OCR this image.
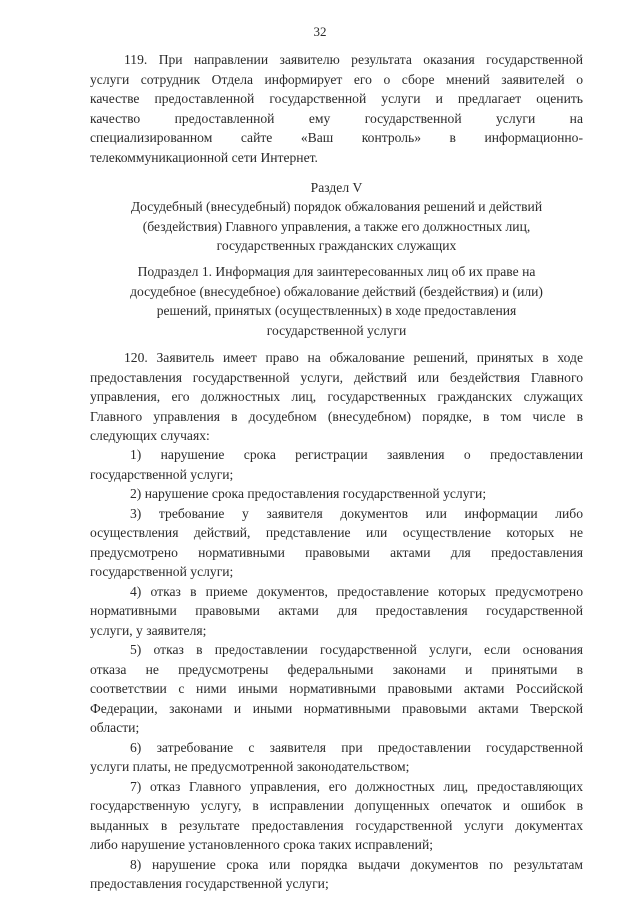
32
119. При направлении заявителю результата оказания государственной
услуги сотрудник Отдела информирует его о сборе мнений заявителей о
качестве предоставленной государственной услуги и предлагает оценить
качество предоставленной ему государственной услуги на
специализированном сайте «Ваш контроль» в информационно-
телекоммуникационной сети Интернет.
Раздел V
Досудебный (внесудебный) порядок обжалования решений и действий
(бездействия) Главного управления, а также его должностных лиц,
государственных гражданских служащих
Подраздел 1. Информация для заинтересованных лиц об их праве на
досудебное (внесудебное) обжалование действий (бездействия) и (или)
решений, принятых (осуществленных) в ходе предоставления
государственной услуги
120. Заявитель имеет право на обжалование решений, принятых в ходе
предоставления государственной услуги, действий или бездействия Главного
управления, его должностных лиц, государственных гражданских служащих
Главного управления в досудебном (внесудебном) порядке, в том числе в
следующих случаях:
1) нарушение срока регистрации заявления о предоставлении
государственной услуги;
2) нарушение срока предоставления государственной услуги;
3) требование у заявителя документов или информации либо
осуществления действий, представление или осуществление которых не
предусмотрено нормативными правовыми актами для предоставления
государственной услуги;
4) отказ в приеме документов, предоставление которых предусмотрено
нормативными правовыми актами для предоставления государственной
услуги, у заявителя;
5) отказ в предоставлении государственной услуги, если основания
отказа не предусмотрены федеральными законами и принятыми в
соответствии с ними иными нормативными правовыми актами Российской
Федерации, законами и иными нормативными правовыми актами Тверской
области;
6) затребование с заявителя при предоставлении государственной
услуги платы, не предусмотренной законодательством;
7) отказ Главного управления, его должностных лиц, предоставляющих
государственную услугу, в исправлении допущенных опечаток и ошибок в
выданных в результате предоставления государственной услуги документах
либо нарушение установленного срока таких исправлений;
8) нарушение срока или порядка выдачи документов по результатам
предоставления государственной услуги;
